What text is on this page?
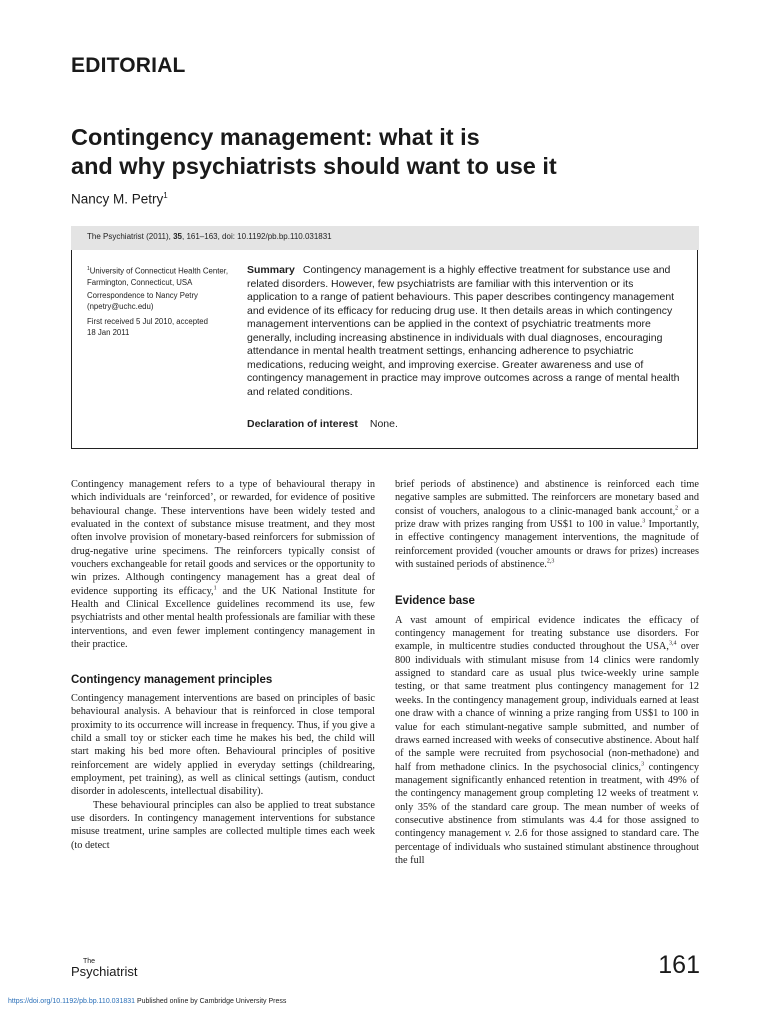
EDITORIAL
Contingency management: what it is
and why psychiatrists should want to use it
Nancy M. Petry$^1$
The Psychiatrist (2011), 35, 161–163, doi: 10.1192/pb.bp.110.031831
$^1$University of Connecticut Health Center, Farmington, Connecticut, USA
Correspondence to Nancy Petry
(npetry@uchc.edu)
First received 5 Jul 2010, accepted
18 Jan 2011
Summary Contingency management is a highly effective treatment for substance use and related disorders. However, few psychiatrists are familiar with this intervention or its application to a range of patient behaviours. This paper describes contingency management and evidence of its efficacy for reducing drug use. It then details areas in which contingency management interventions can be applied in the context of psychiatric treatments more generally, including increasing abstinence in individuals with dual diagnoses, encouraging attendance in mental health treatment settings, enhancing adherence to psychiatric medications, reducing weight, and improving exercise. Greater awareness and use of contingency management in practice may improve outcomes across a range of mental health and related conditions.
Declaration of interest None.

Contingency management refers to a type of behavioural therapy in which individuals are ‘reinforced’, or rewarded, for evidence of positive behavioural change. These interventions have been widely tested and evaluated in the context of substance misuse treatment, and they most often involve provision of monetary-based reinforcers for submission of drug-negative urine specimens. The reinforcers typically consist of vouchers exchangeable for retail goods and services or the opportunity to win prizes. Although contingency management has a great deal of evidence supporting its efficacy,$^1$ and the UK National Institute for Health and Clinical Excellence guidelines recommend its use, few psychiatrists and other mental health professionals are familiar with these interventions, and even fewer implement contingency management in their practice.

Contingency management principles

Contingency management interventions are based on principles of basic behavioural analysis. A behaviour that is reinforced in close temporal proximity to its occurrence will increase in frequency. Thus, if you give a child a small toy or sticker each time he makes his bed, the child will start making his bed more often. Behavioural principles of positive reinforcement are widely applied in everyday settings (childrearing, employment, pet training), as well as clinical settings (autism, conduct disorder in adolescents, intellectual disability).

These behavioural principles can also be applied to treat substance use disorders. In contingency management interventions for substance misuse treatment, urine samples are collected multiple times each week (to detect

brief periods of abstinence) and abstinence is reinforced each time negative samples are submitted. The reinforcers are monetary based and consist of vouchers, analogous to a clinic-managed bank account,$^2$ or a prize draw with prizes ranging from US$1 to 100 in value.$^3$ Importantly, in effective contingency management interventions, the magnitude of reinforcement provided (voucher amounts or draws for prizes) increases with sustained periods of abstinence.$^{2,3}$

Evidence base

A vast amount of empirical evidence indicates the efficacy of contingency management for treating substance use disorders. For example, in multicentre studies conducted throughout the USA,$^{3,4}$ over 800 individuals with stimulant misuse from 14 clinics were randomly assigned to standard care as usual plus twice-weekly urine sample testing, or that same treatment plus contingency management for 12 weeks. In the contingency management group, individuals earned at least one draw with a chance of winning a prize ranging from US$1 to 100 in value for each stimulant-negative sample submitted, and number of draws earned increased with weeks of consecutive abstinence. About half of the sample were recruited from psychosocial (non-methadone) and half from methadone clinics. In the psychosocial clinics,$^3$ contingency management significantly enhanced retention in treatment, with 49% of the contingency management group completing 12 weeks of treatment v. only 35% of the standard care group. The mean number of weeks of consecutive abstinence from stimulants was 4.4 for those assigned to contingency management v. 2.6 for those assigned to standard care. The percentage of individuals who sustained stimulant abstinence throughout the full

The
Psychiatrist	161
https://doi.org/10.1192/pb.bp.110.031831 Published online by Cambridge University Press
